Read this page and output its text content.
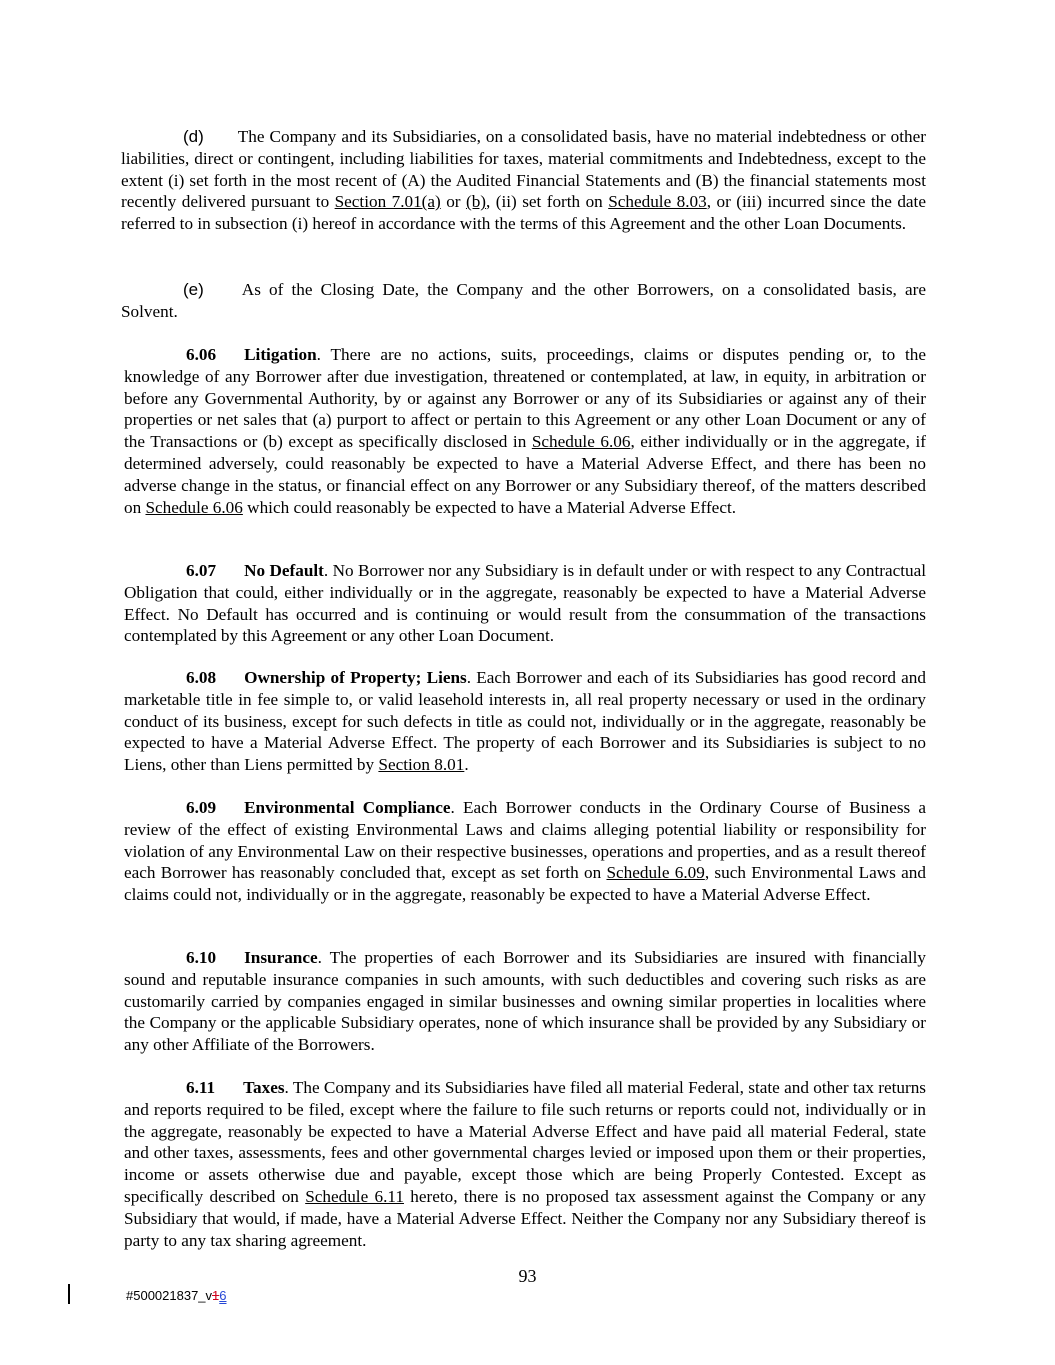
(d) The Company and its Subsidiaries, on a consolidated basis, have no material indebtedness or other liabilities, direct or contingent, including liabilities for taxes, material commitments and Indebtedness, except to the extent (i) set forth in the most recent of (A) the Audited Financial Statements and (B) the financial statements most recently delivered pursuant to Section 7.01(a) or (b), (ii) set forth on Schedule 8.03, or (iii) incurred since the date referred to in subsection (i) hereof in accordance with the terms of this Agreement and the other Loan Documents.

(e) As of the Closing Date, the Company and the other Borrowers, on a consolidated basis, are Solvent.

6.06 Litigation. There are no actions, suits, proceedings, claims or disputes pending or, to the knowledge of any Borrower after due investigation, threatened or contemplated, at law, in equity, in arbitration or before any Governmental Authority, by or against any Borrower or any of its Subsidiaries or against any of their properties or net sales that (a) purport to affect or pertain to this Agreement or any other Loan Document or any of the Transactions or (b) except as specifically disclosed in Schedule 6.06, either individually or in the aggregate, if determined adversely, could reasonably be expected to have a Material Adverse Effect, and there has been no adverse change in the status, or financial effect on any Borrower or any Subsidiary thereof, of the matters described on Schedule 6.06 which could reasonably be expected to have a Material Adverse Effect.

6.07 No Default. No Borrower nor any Subsidiary is in default under or with respect to any Contractual Obligation that could, either individually or in the aggregate, reasonably be expected to have a Material Adverse Effect. No Default has occurred and is continuing or would result from the consummation of the transactions contemplated by this Agreement or any other Loan Document.

6.08 Ownership of Property; Liens. Each Borrower and each of its Subsidiaries has good record and marketable title in fee simple to, or valid leasehold interests in, all real property necessary or used in the ordinary conduct of its business, except for such defects in title as could not, individually or in the aggregate, reasonably be expected to have a Material Adverse Effect. The property of each Borrower and its Subsidiaries is subject to no Liens, other than Liens permitted by Section 8.01.

6.09 Environmental Compliance. Each Borrower conducts in the Ordinary Course of Business a review of the effect of existing Environmental Laws and claims alleging potential liability or responsibility for violation of any Environmental Law on their respective businesses, operations and properties, and as a result thereof each Borrower has reasonably concluded that, except as set forth on Schedule 6.09, such Environmental Laws and claims could not, individually or in the aggregate, reasonably be expected to have a Material Adverse Effect.

6.10 Insurance. The properties of each Borrower and its Subsidiaries are insured with financially sound and reputable insurance companies in such amounts, with such deductibles and covering such risks as are customarily carried by companies engaged in similar businesses and owning similar properties in localities where the Company or the applicable Subsidiary operates, none of which insurance shall be provided by any Subsidiary or any other Affiliate of the Borrowers.

6.11 Taxes. The Company and its Subsidiaries have filed all material Federal, state and other tax returns and reports required to be filed, except where the failure to file such returns or reports could not, individually or in the aggregate, reasonably be expected to have a Material Adverse Effect and have paid all material Federal, state and other taxes, assessments, fees and other governmental charges levied or imposed upon them or their properties, income or assets otherwise due and payable, except those which are being Properly Contested. Except as specifically described on Schedule 6.11 hereto, there is no proposed tax assessment against the Company or any Subsidiary that would, if made, have a Material Adverse Effect. Neither the Company nor any Subsidiary thereof is party to any tax sharing agreement.

93
#500021837_v16
